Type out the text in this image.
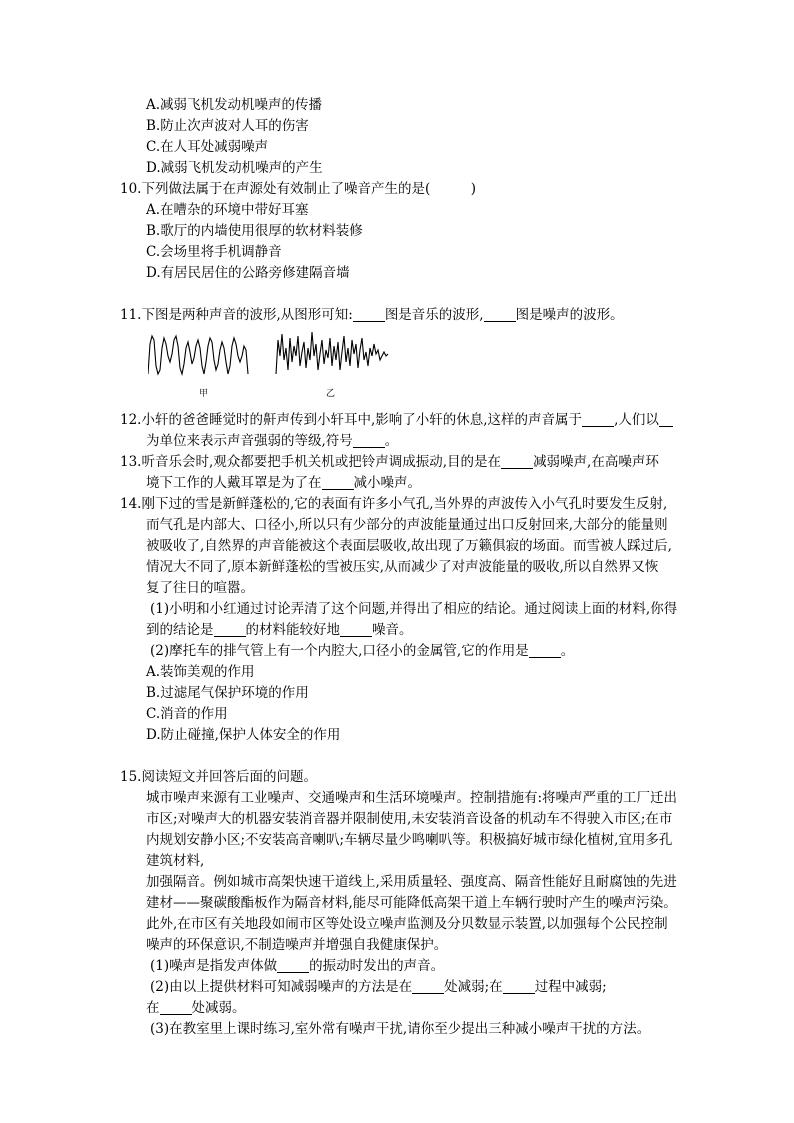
A.减弱飞机发动机噪声的传播
B.防止次声波对人耳的伤害
C.在人耳处减弱噪声
D.减弱飞机发动机噪声的产生
10.下列做法属于在声源处有效制止了噪音产生的是(　　　)
A.在嘈杂的环境中带好耳塞
B.歌厅的内墙使用很厚的软材料装修
C.会场里将手机调静音
D.有居民居住的公路旁修建隔音墙
11.下图是两种声音的波形,从图形可知: 图是音乐的波形, 图是噪声的波形。
甲	乙
12.小轩的爸爸睡觉时的鼾声传到小轩耳中,影响了小轩的休息,这样的声音属于 ,人们以
为单位来表示声音强弱的等级,符号 。
13.听音乐会时,观众都要把手机关机或把铃声调成振动,目的是在 减弱噪声,在高噪声环
境下工作的人戴耳罩是为了在 减小噪声。
14.刚下过的雪是新鲜蓬松的,它的表面有许多小气孔,当外界的声波传入小气孔时要发生反射,
而气孔是内部大、口径小,所以只有少部分的声波能量通过出口反射回来,大部分的能量则
被吸收了,自然界的声音能被这个表面层吸收,故出现了万籁俱寂的场面。而雪被人踩过后,
情况大不同了,原本新鲜蓬松的雪被压实,从而减少了对声波能量的吸收,所以自然界又恢
复了往日的喧嚣。
(1)小明和小红通过讨论弄清了这个问题,并得出了相应的结论。通过阅读上面的材料,你得
到的结论是 的材料能较好地 噪音。
(2)摩托车的排气管上有一个内腔大,口径小的金属管,它的作用是 。
A.装饰美观的作用
B.过滤尾气保护环境的作用
C.消音的作用
D.防止碰撞,保护人体安全的作用
15.阅读短文并回答后面的问题。
城市噪声来源有工业噪声、交通噪声和生活环境噪声。控制措施有:将噪声严重的工厂迁出
市区;对噪声大的机器安装消音器并限制使用,未安装消音设备的机动车不得驶入市区;在市
内规划安静小区;不安装高音喇叭;车辆尽量少鸣喇叭等。积极搞好城市绿化植树,宜用多孔
建筑材料,
加强隔音。例如城市高架快速干道线上,采用质量轻、强度高、隔音性能好且耐腐蚀的先进
建材——聚碳酸酯板作为隔音材料,能尽可能降低高架干道上车辆行驶时产生的噪声污染。
此外,在市区有关地段如闹市区等处设立噪声监测及分贝数显示装置,以加强每个公民控制
噪声的环保意识,不制造噪声并增强自我健康保护。
(1)噪声是指发声体做 的振动时发出的声音。
(2)由以上提供材料可知减弱噪声的方法是在 处减弱;在 过程中减弱;
在 处减弱。
(3)在教室里上课时练习,室外常有噪声干扰,请你至少提出三种减小噪声干扰的方法。
